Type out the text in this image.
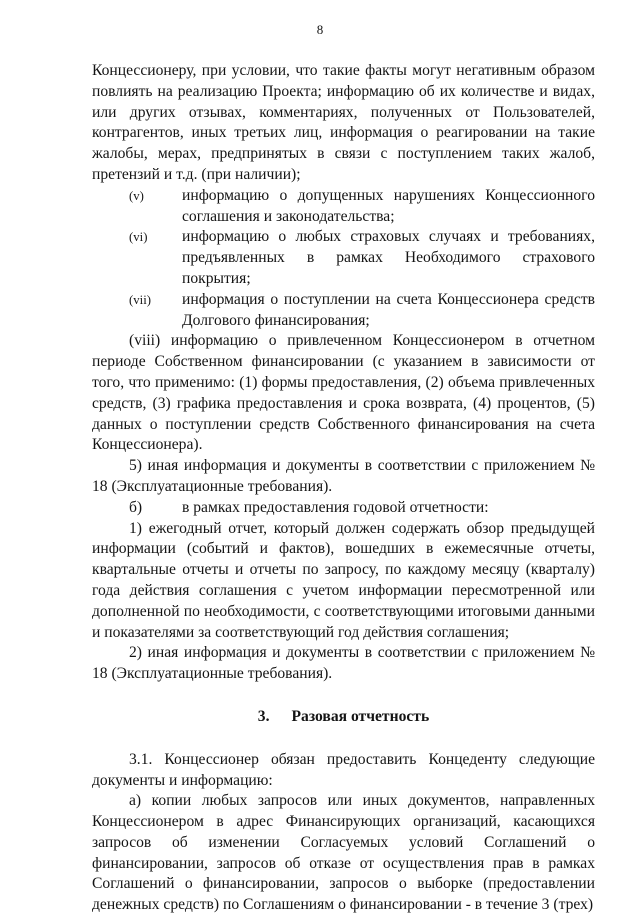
8

Концессионеру, при условии, что такие факты могут негативным образом повлиять на реализацию Проекта; информацию об их количестве и видах, или других отзывах, комментариях, полученных от Пользователей, контрагентов, иных третьих лиц, информация о реагировании на такие жалобы, мерах, предпринятых в связи с поступлением таких жалоб, претензий и т.д. (при наличии);

(v)	информацию о допущенных нарушениях Концессионного соглашения и законодательства;

(vi)	информацию о любых страховых случаях и требованиях, предъявленных в рамках Необходимого страхового покрытия;

(vii)	информация о поступлении на счета Концессионера средств Долгового финансирования;

(viii) информацию о привлеченном Концессионером в отчетном периоде Собственном финансировании (с указанием в зависимости от того, что применимо: (1) формы предоставления, (2) объема привлеченных средств, (3) графика предоставления и срока возврата, (4) процентов, (5) данных о поступлении средств Собственного финансирования на счета Концессионера).

5) иная информация и документы в соответствии с приложением № 18 (Эксплуатационные требования).

б)	в рамках предоставления годовой отчетности:

1) ежегодный отчет, который должен содержать обзор предыдущей информации (событий и фактов), вошедших в ежемесячные отчеты, квартальные отчеты и отчеты по запросу, по каждому месяцу (кварталу) года действия соглашения с учетом информации пересмотренной или дополненной по необходимости, с соответствующими итоговыми данными и показателями за соответствующий год действия соглашения;

2) иная информация и документы в соответствии с приложением № 18 (Эксплуатационные требования).

3. Разовая отчетность

3.1. Концессионер обязан предоставить Концеденту следующие документы и информацию:

а) копии любых запросов или иных документов, направленных Концессионером в адрес Финансирующих организаций, касающихся запросов об изменении Согласуемых условий Соглашений о финансировании, запросов об отказе от осуществления прав в рамках Соглашений о финансировании, запросов о выборке (предоставлении денежных средств) по Соглашениям о финансировании - в течение 3 (трех)
